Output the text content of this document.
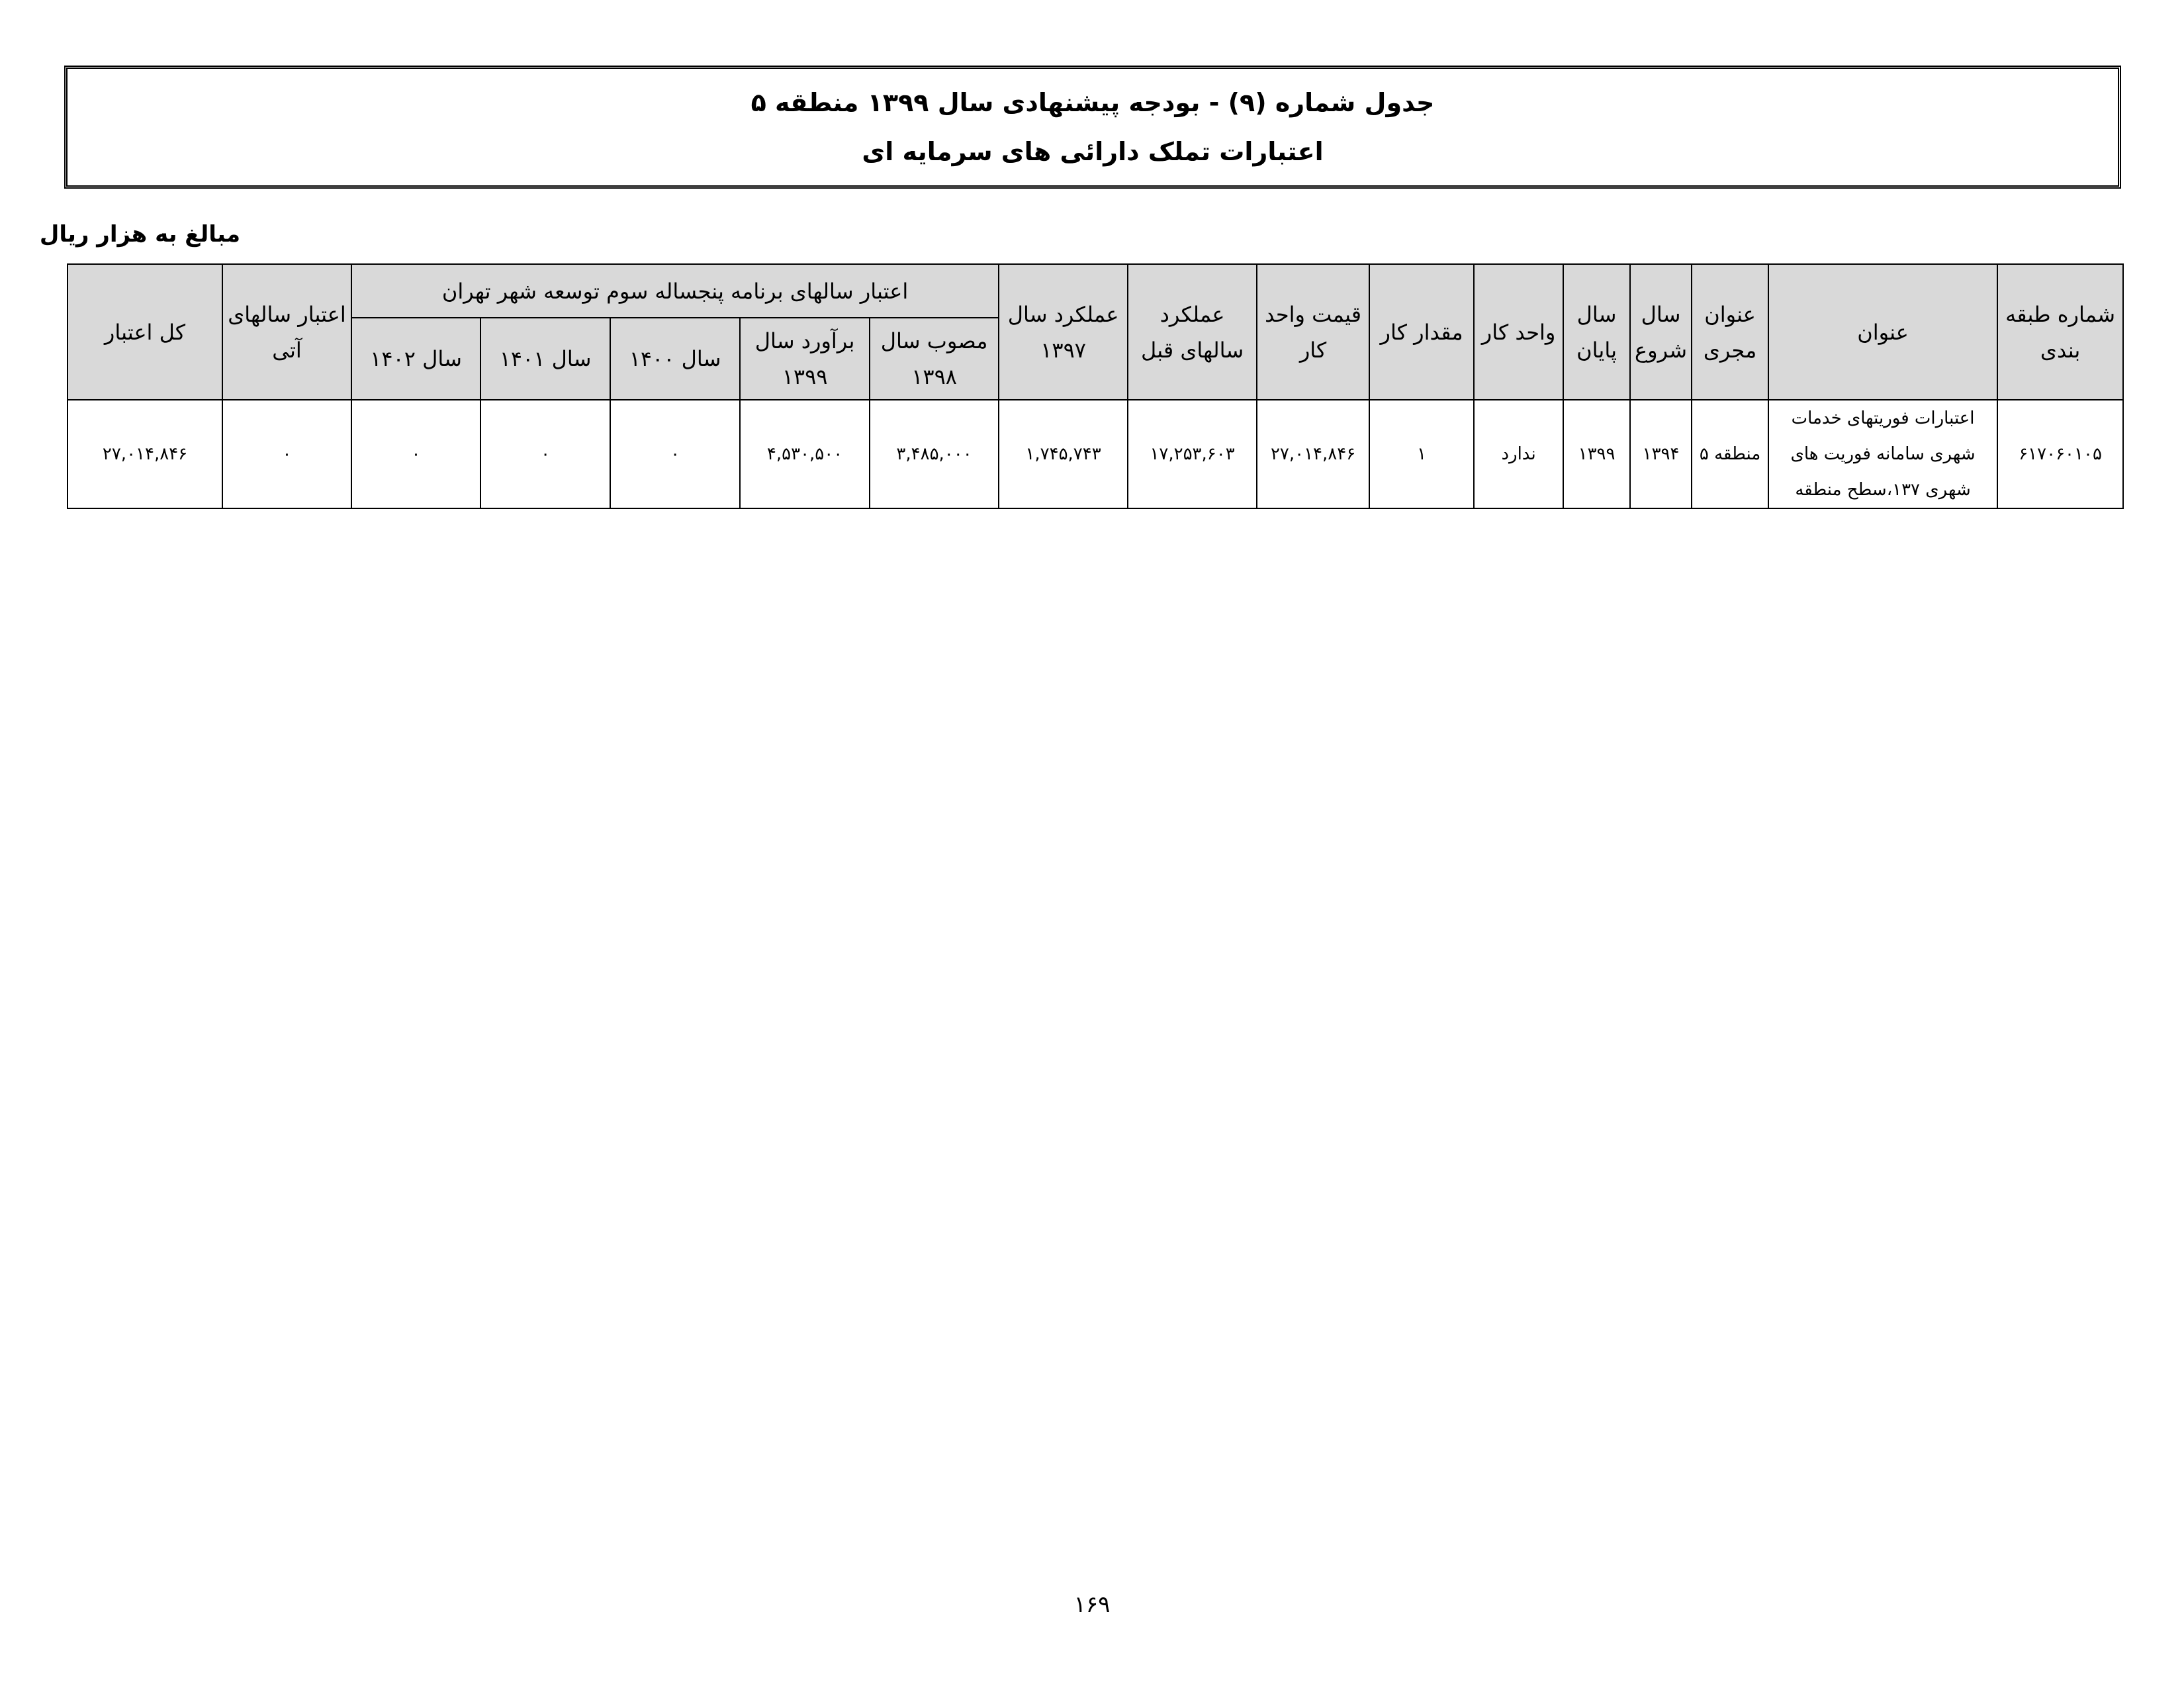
جدول شماره (۹) - بودجه پیشنهادی سال ۱۳۹۹ منطقه ۵
اعتبارات تملک دارائی های سرمایه ای
مبالغ به هزار ریال
شماره طبقه بندی	عنوان	عنوان مجری	سال شروع	سال پایان	واحد کار	مقدار کار	قیمت واحد کار	عملکرد سالهای قبل	عملکرد سال ۱۳۹۷	اعتبار سالهای برنامه پنجساله سوم توسعه شهر تهران					اعتبار سالهای آتی	کل اعتبار
										مصوب سال ۱۳۹۸	برآورد سال ۱۳۹۹	سال ۱۴۰۰	سال ۱۴۰۱	سال ۱۴۰۲		
۶۱۷۰۶۰۱۰۵	اعتبارات فوریتهای خدمات شهری سامانه فوریت های شهری ۱۳۷،سطح منطقه	منطقه ۵	۱۳۹۴	۱۳۹۹	ندارد	۱	۲۷,۰۱۴,۸۴۶	۱۷,۲۵۳,۶۰۳	۱,۷۴۵,۷۴۳	۳,۴۸۵,۰۰۰	۴,۵۳۰,۵۰۰	۰	۰	۰	۰	۲۷,۰۱۴,۸۴۶
۱۶۹
